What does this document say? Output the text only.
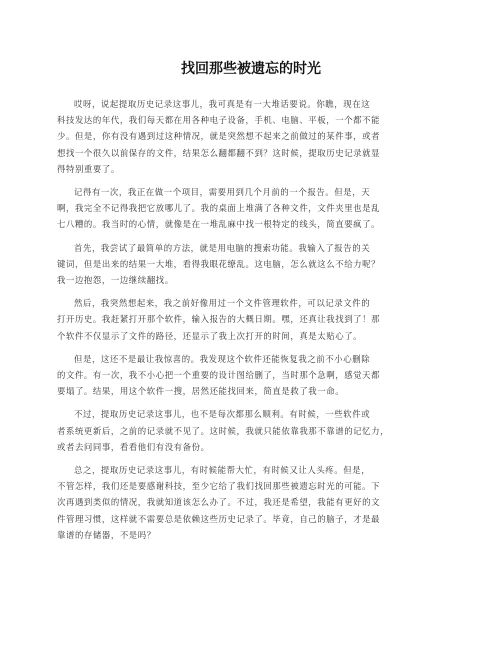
找回那些被遗忘的时光

哎呀，说起提取历史记录这事儿，我可真是有一大堆话要说。你瞧，现在这
科技发达的年代，我们每天都在用各种电子设备，手机、电脑、平板，一个都不能
少。但是，你有没有遇到过这种情况，就是突然想不起来之前做过的某件事，或者
想找一个很久以前保存的文件，结果怎么翻都翻不到？这时候，提取历史记录就显
得特别重要了。

记得有一次，我正在做一个项目，需要用到几个月前的一个报告。但是，天
啊，我完全不记得我把它放哪儿了。我的桌面上堆满了各种文件，文件夹里也是乱
七八糟的。我当时的心情，就像是在一堆乱麻中找一根特定的线头，简直要疯了。

首先，我尝试了最简单的方法，就是用电脑的搜索功能。我输入了报告的关
键词，但是出来的结果一大堆，看得我眼花缭乱。这电脑，怎么就这么不给力呢？
我一边抱怨，一边继续翻找。

然后，我突然想起来，我之前好像用过一个文件管理软件，可以记录文件的
打开历史。我赶紧打开那个软件，输入报告的大概日期。嘿，还真让我找到了！那
个软件不仅显示了文件的路径，还显示了我上次打开的时间，真是太贴心了。

但是，这还不是最让我惊喜的。我发现这个软件还能恢复我之前不小心删除
的文件。有一次，我不小心把一个重要的设计图给删了，当时那个急啊，感觉天都
要塌了。结果，用这个软件一搜，居然还能找回来，简直是救了我一命。

不过，提取历史记录这事儿，也不是每次都那么顺利。有时候，一些软件或
者系统更新后，之前的记录就不见了。这时候，我就只能依靠我那不靠谱的记忆力，
或者去问同事，看看他们有没有备份。

总之，提取历史记录这事儿，有时候能帮大忙，有时候又让人头疼。但是，
不管怎样，我们还是要感谢科技，至少它给了我们找回那些被遗忘时光的可能。下
次再遇到类似的情况，我就知道该怎么办了。不过，我还是希望，我能有更好的文
件管理习惯，这样就不需要总是依赖这些历史记录了。毕竟，自己的脑子，才是最
靠谱的存储器，不是吗？
